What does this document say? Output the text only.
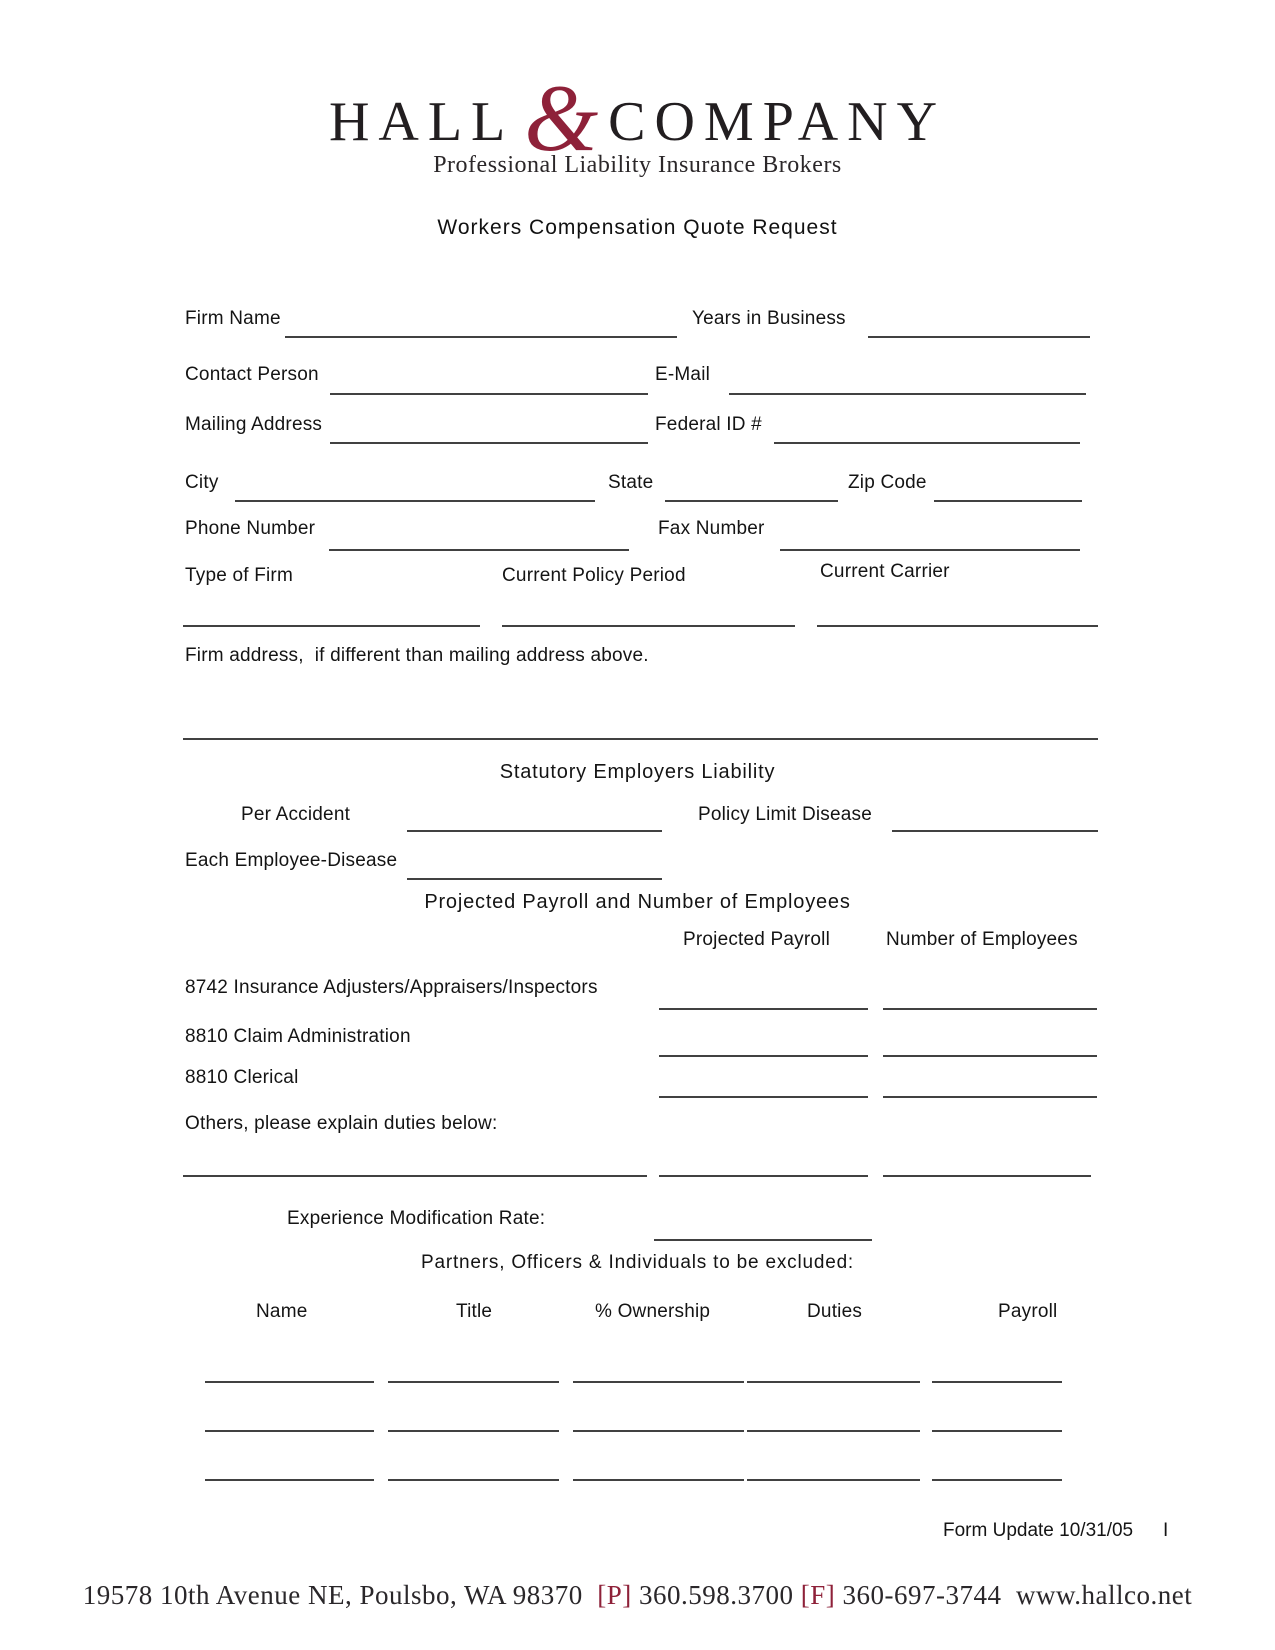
HALL & COMPANY
Professional Liability Insurance Brokers
Workers Compensation Quote Request
Firm Name	Years in Business
Contact Person	E-Mail
Mailing Address	Federal ID #
City	State	Zip Code
Phone Number	Fax Number
Type of Firm	Current Policy Period	Current Carrier
Firm address,  if different than mailing address above.
Statutory Employers Liability
Per Accident	Policy Limit Disease
Each Employee-Disease
Projected Payroll and Number of Employees
Projected Payroll	Number of Employees
8742 Insurance Adjusters/Appraisers/Inspectors
8810 Claim Administration
8810 Clerical
Others, please explain duties below:
Experience Modification Rate:
Partners, Officers & Individuals to be excluded:
Name	Title	% Ownership	Duties	Payroll
Form Update 10/31/05 I
19578 10th Avenue NE, Poulsbo, WA 98370
[P]
360.598.3700
[F]
360-697-3744
www.hallco.net
